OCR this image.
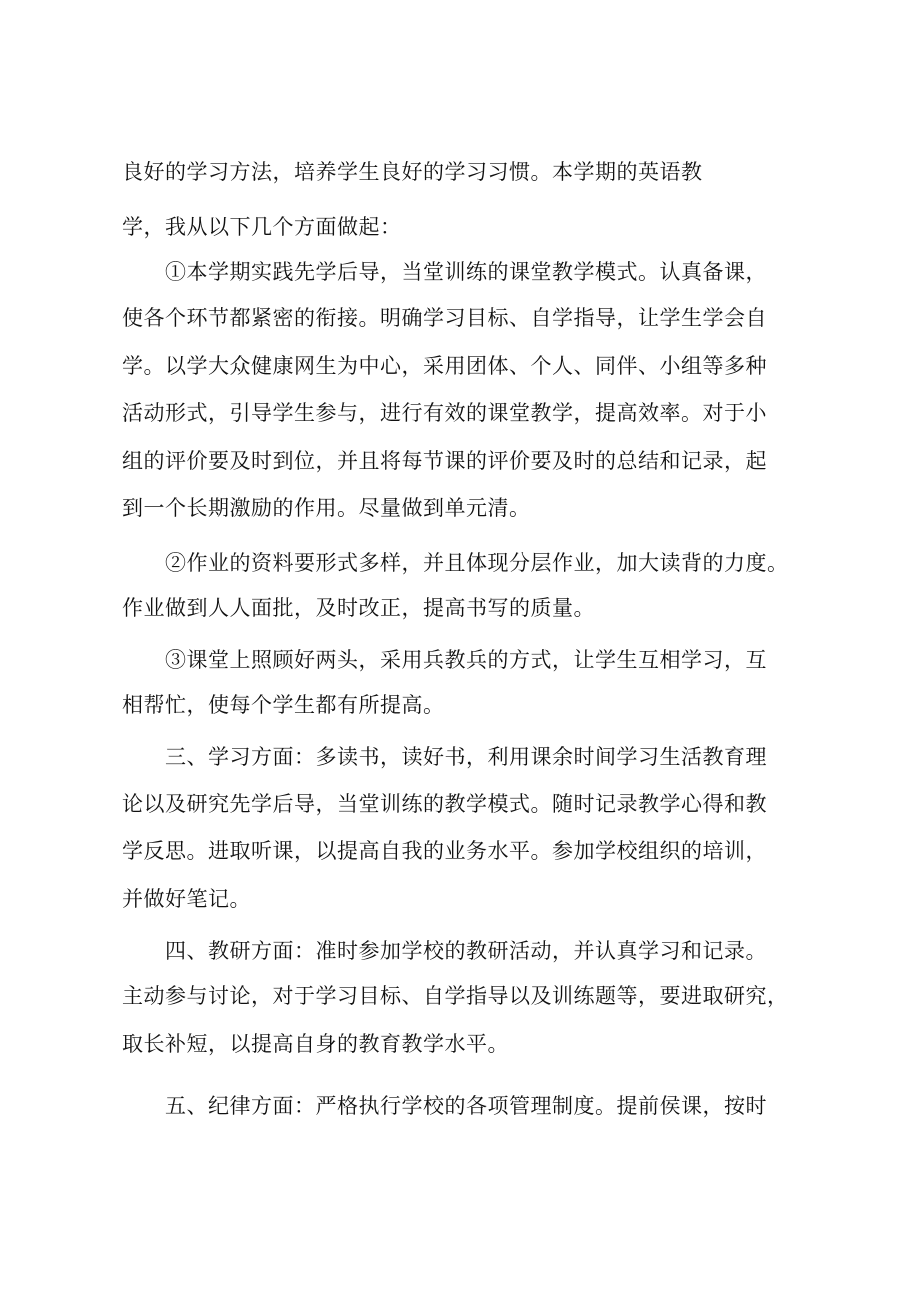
良好的学习方法，培养学生良好的学习习惯。本学期的英语教
学，我从以下几个方面做起：
①本学期实践先学后导，当堂训练的课堂教学模式。认真备课，
使各个环节都紧密的衔接。明确学习目标、自学指导，让学生学会自
学。以学大众健康网生为中心，采用团体、个人、同伴、小组等多种
活动形式，引导学生参与，进行有效的课堂教学，提高效率。对于小
组的评价要及时到位，并且将每节课的评价要及时的总结和记录，起
到一个长期激励的作用。尽量做到单元清。
②作业的资料要形式多样，并且体现分层作业，加大读背的力度。
作业做到人人面批，及时改正，提高书写的质量。
③课堂上照顾好两头，采用兵教兵的方式，让学生互相学习，互
相帮忙，使每个学生都有所提高。
三、学习方面：多读书，读好书，利用课余时间学习生活教育理
论以及研究先学后导，当堂训练的教学模式。随时记录教学心得和教
学反思。进取听课，以提高自我的业务水平。参加学校组织的培训，
并做好笔记。
四、教研方面：准时参加学校的教研活动，并认真学习和记录。
主动参与讨论，对于学习目标、自学指导以及训练题等，要进取研究，
取长补短，以提高自身的教育教学水平。
五、纪律方面：严格执行学校的各项管理制度。提前侯课，按时
